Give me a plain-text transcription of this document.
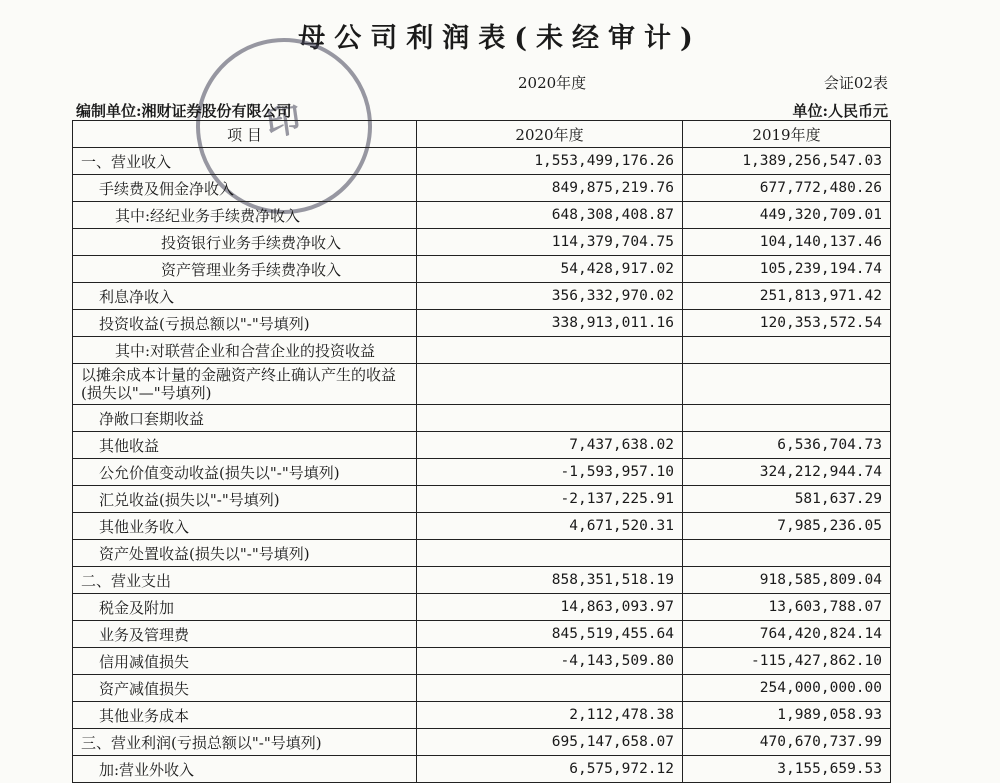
母公司利润表(未经审计)
印
2020年度	会证02表
编制单位:湘财证券股份有限公司	单位:人民币元
项 目	2020年度	2019年度
一、营业收入	1,553,499,176.26	1,389,256,547.03
手续费及佣金净收入	849,875,219.76	677,772,480.26
其中:经纪业务手续费净收入	648,308,408.87	449,320,709.01
投资银行业务手续费净收入	114,379,704.75	104,140,137.46
资产管理业务手续费净收入	54,428,917.02	105,239,194.74
利息净收入	356,332,970.02	251,813,971.42
投资收益(亏损总额以"-"号填列)	338,913,011.16	120,353,572.54
其中:对联营企业和合营企业的投资收益		
以摊余成本计量的金融资产终止确认产生的收益(损失以"—"号填列)		
净敞口套期收益		
其他收益	7,437,638.02	6,536,704.73
公允价值变动收益(损失以"-"号填列)	-1,593,957.10	324,212,944.74
汇兑收益(损失以"-"号填列)	-2,137,225.91	581,637.29
其他业务收入	4,671,520.31	7,985,236.05
资产处置收益(损失以"-"号填列)		
二、营业支出	858,351,518.19	918,585,809.04
税金及附加	14,863,093.97	13,603,788.07
业务及管理费	845,519,455.64	764,420,824.14
信用减值损失	-4,143,509.80	-115,427,862.10
资产减值损失		254,000,000.00
其他业务成本	2,112,478.38	1,989,058.93
三、营业利润(亏损总额以"-"号填列)	695,147,658.07	470,670,737.99
加:营业外收入	6,575,972.12	3,155,659.53
